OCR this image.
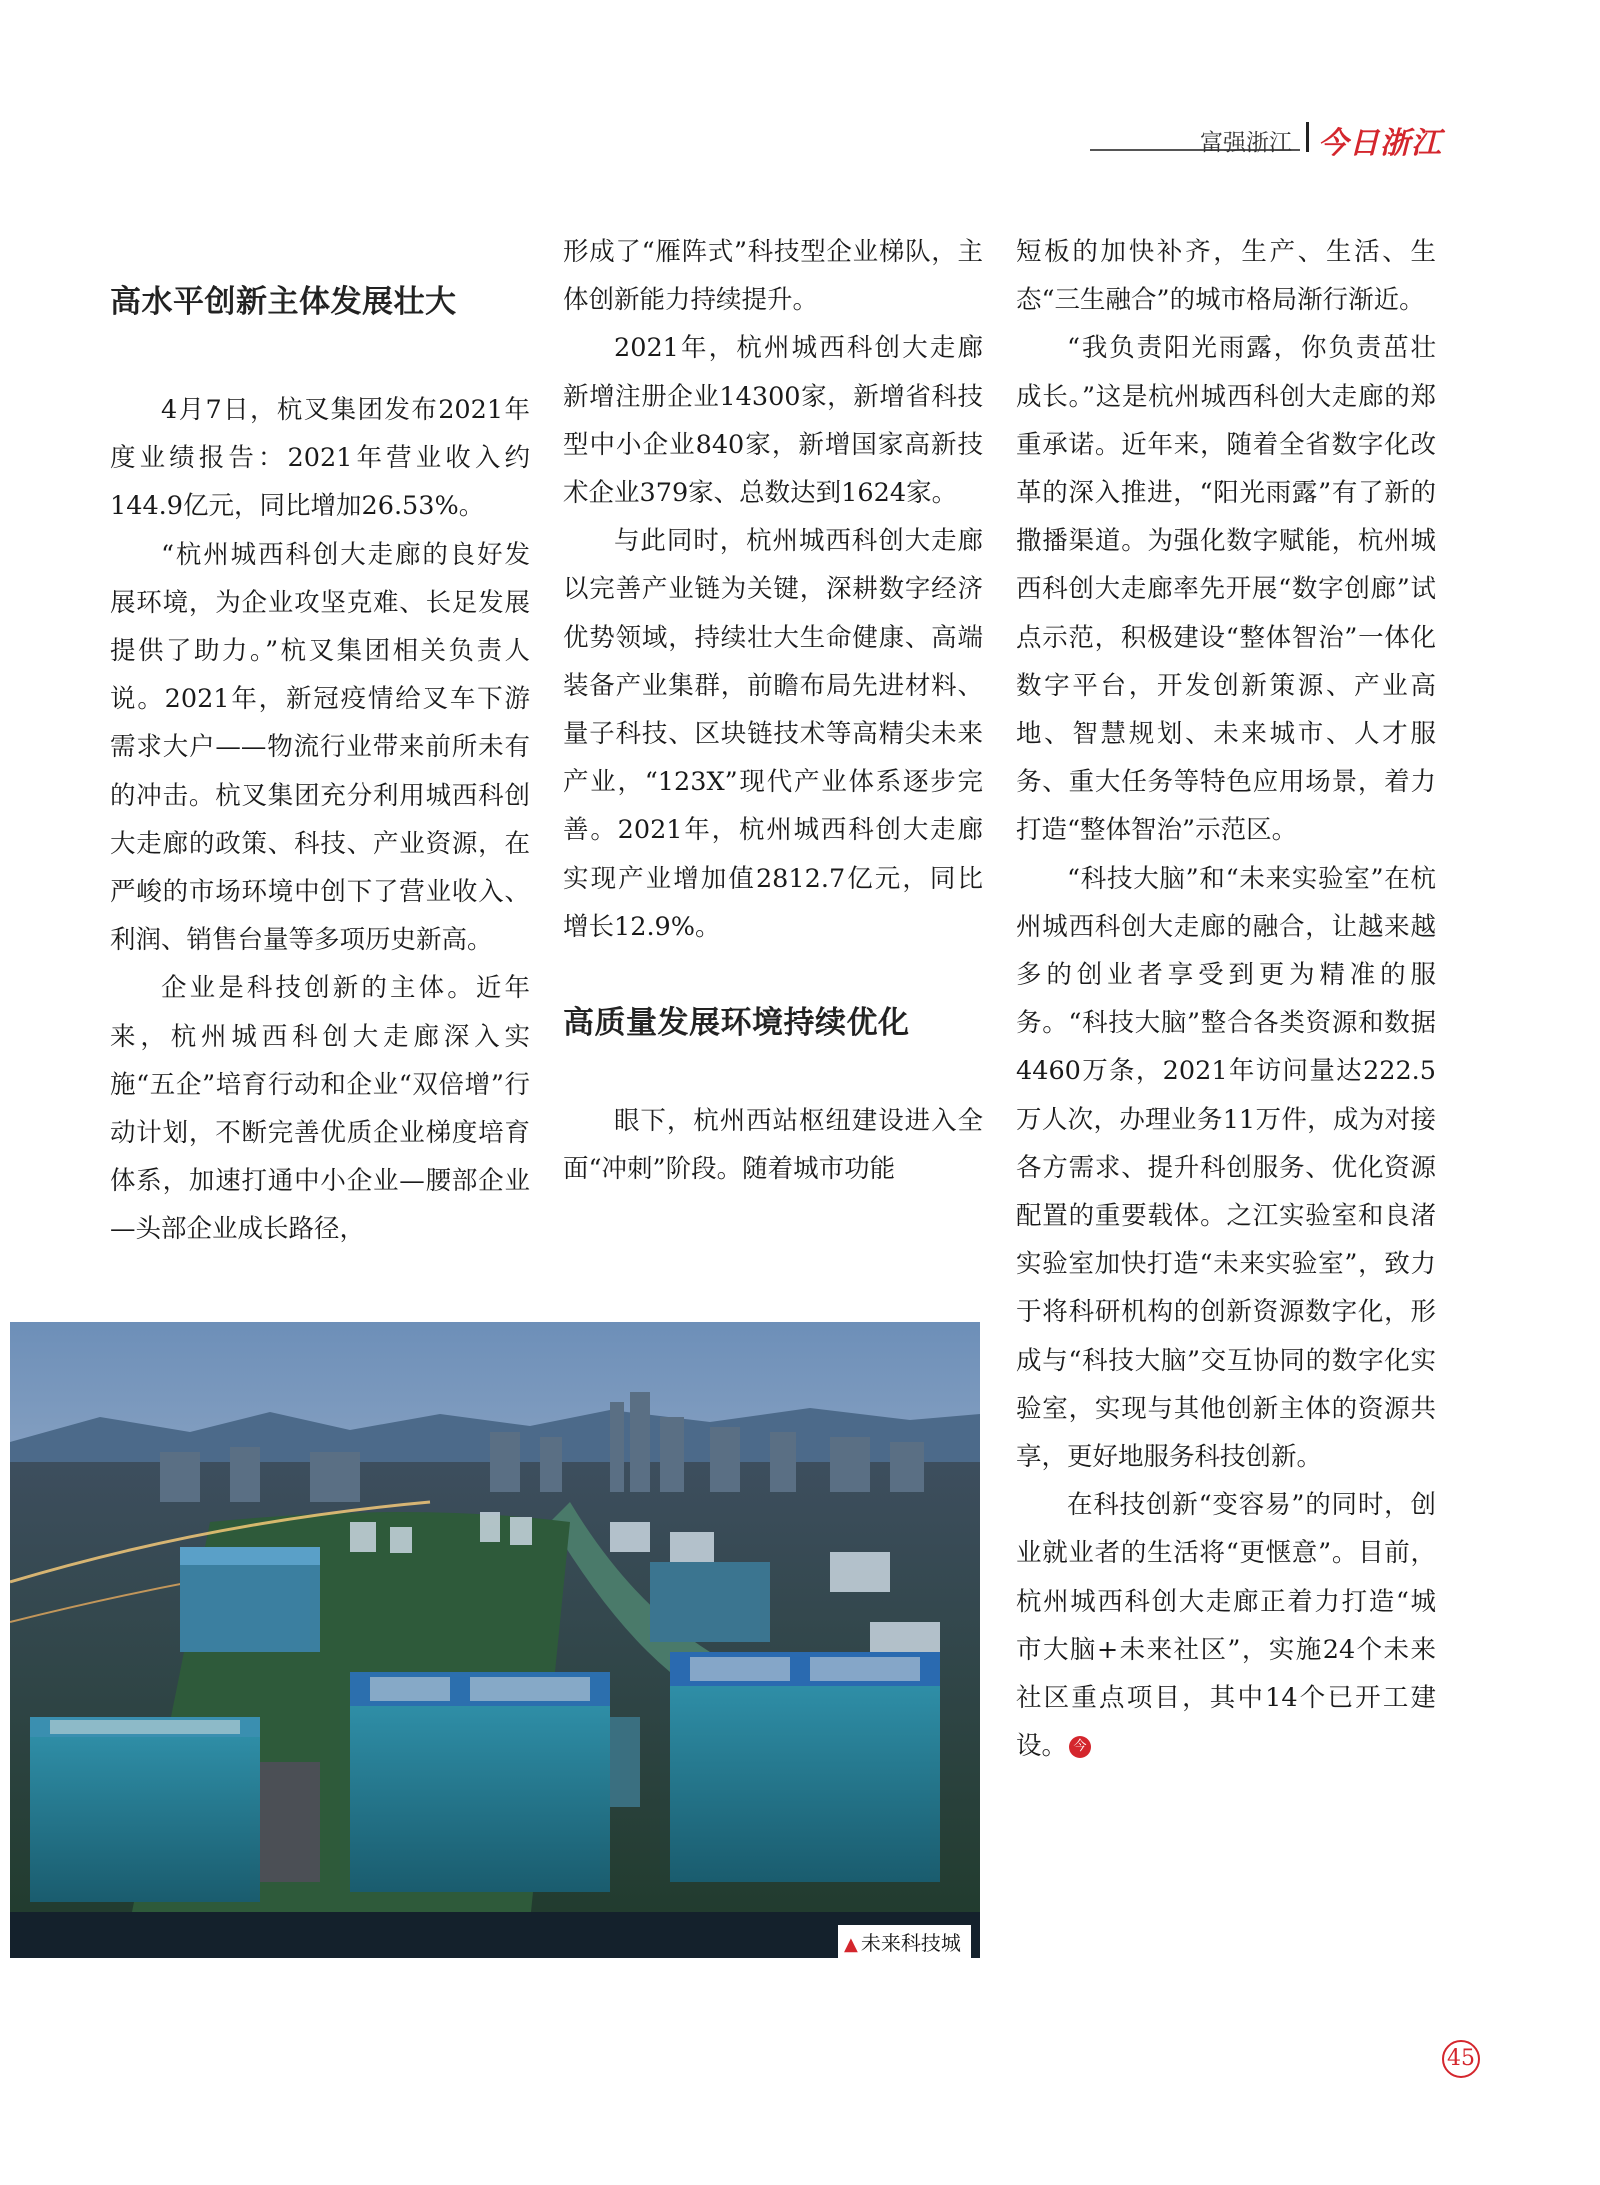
富强浙江 今日浙江
高水平创新主体发展壮大

4月7日，杭叉集团发布2021年度业绩报告：2021年营业收入约144.9亿元，同比增加26.53%。

“杭州城西科创大走廊的良好发展环境，为企业攻坚克难、长足发展提供了助力。”杭叉集团相关负责人说。2021年，新冠疫情给叉车下游需求大户——物流行业带来前所未有的冲击。杭叉集团充分利用城西科创大走廊的政策、科技、产业资源，在严峻的市场环境中创下了营业收入、利润、销售台量等多项历史新高。

企业是科技创新的主体。近年来，杭州城西科创大走廊深入实施“五企”培育行动和企业“双倍增”行动计划，不断完善优质企业梯度培育体系，加速打通中小企业—腰部企业—头部企业成长路径，

形成了“雁阵式”科技型企业梯队，主体创新能力持续提升。

2021年，杭州城西科创大走廊新增注册企业14300家，新增省科技型中小企业840家，新增国家高新技术企业379家、总数达到1624家。

与此同时，杭州城西科创大走廊以完善产业链为关键，深耕数字经济优势领域，持续壮大生命健康、高端装备产业集群，前瞻布局先进材料、量子科技、区块链技术等高精尖未来产业，“123X”现代产业体系逐步完善。2021年，杭州城西科创大走廊实现产业增加值2812.7亿元，同比增长12.9%。

高质量发展环境持续优化

眼下，杭州西站枢纽建设进入全面“冲刺”阶段。随着城市功能

短板的加快补齐，生产、生活、生态“三生融合”的城市格局渐行渐近。

“我负责阳光雨露，你负责茁壮成长。”这是杭州城西科创大走廊的郑重承诺。近年来，随着全省数字化改革的深入推进，“阳光雨露”有了新的撒播渠道。为强化数字赋能，杭州城西科创大走廊率先开展“数字创廊”试点示范，积极建设“整体智治”一体化数字平台，开发创新策源、产业高地、智慧规划、未来城市、人才服务、重大任务等特色应用场景，着力打造“整体智治”示范区。

“科技大脑”和“未来实验室”在杭州城西科创大走廊的融合，让越来越多的创业者享受到更为精准的服务。“科技大脑”整合各类资源和数据4460万条，2021年访问量达222.5万人次，办理业务11万件，成为对接各方需求、提升科创服务、优化资源配置的重要载体。之江实验室和良渚实验室加快打造“未来实验室”，致力于将科研机构的创新资源数字化，形成与“科技大脑”交互协同的数字化实验室，实现与其他创新主体的资源共享，更好地服务科技创新。

在科技创新“变容易”的同时，创业就业者的生活将“更惬意”。目前，杭州城西科创大走廊正着力打造“城市大脑+未来社区”，实施24个未来社区重点项目，其中14个已开工建设。 今

▲ 未来科技城
45
